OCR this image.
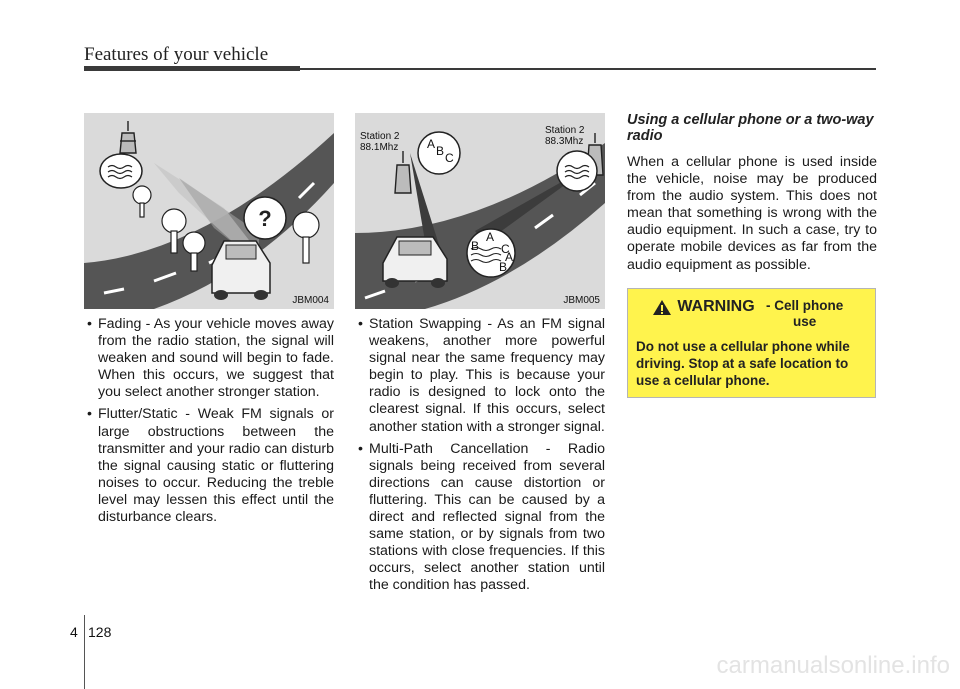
Features of your vehicle
?
JBM004
Station 2
88.1Mhz
Station 2
88.3Mhz
A B C
A
B C
A
B
JBM005
• Fading - As your vehicle moves away from the radio station, the signal will weaken and sound will begin to fade. When this occurs, we suggest that you select another stronger station.
• Flutter/Static - Weak FM signals or large obstructions between the transmitter and your radio can disturb the signal causing static or fluttering noises to occur. Reducing the treble level may lessen this effect until the disturbance clears.
• Station Swapping - As an FM signal weakens, another more powerful signal near the same frequency may begin to play. This is because your radio is designed to lock onto the clearest signal. If this occurs, select another station with a stronger signal.
• Multi-Path Cancellation - Radio signals being received from several directions can cause distortion or fluttering. This can be caused by a direct and reflected signal from the same station, or by signals from two stations with close frequencies. If this occurs, select another station until the condition has passed.

Using a cellular phone or a two-way radio

When a cellular phone is used inside the vehicle, noise may be produced from the audio system. This does not mean that something is wrong with the audio equipment. In such a case, try to operate mobile devices as far from the audio equipment as possible.

WARNING - Cell phone use
Do not use a cellular phone while driving. Stop at a safe location to use a cellular phone.
4 128
carmanualsonline.info
